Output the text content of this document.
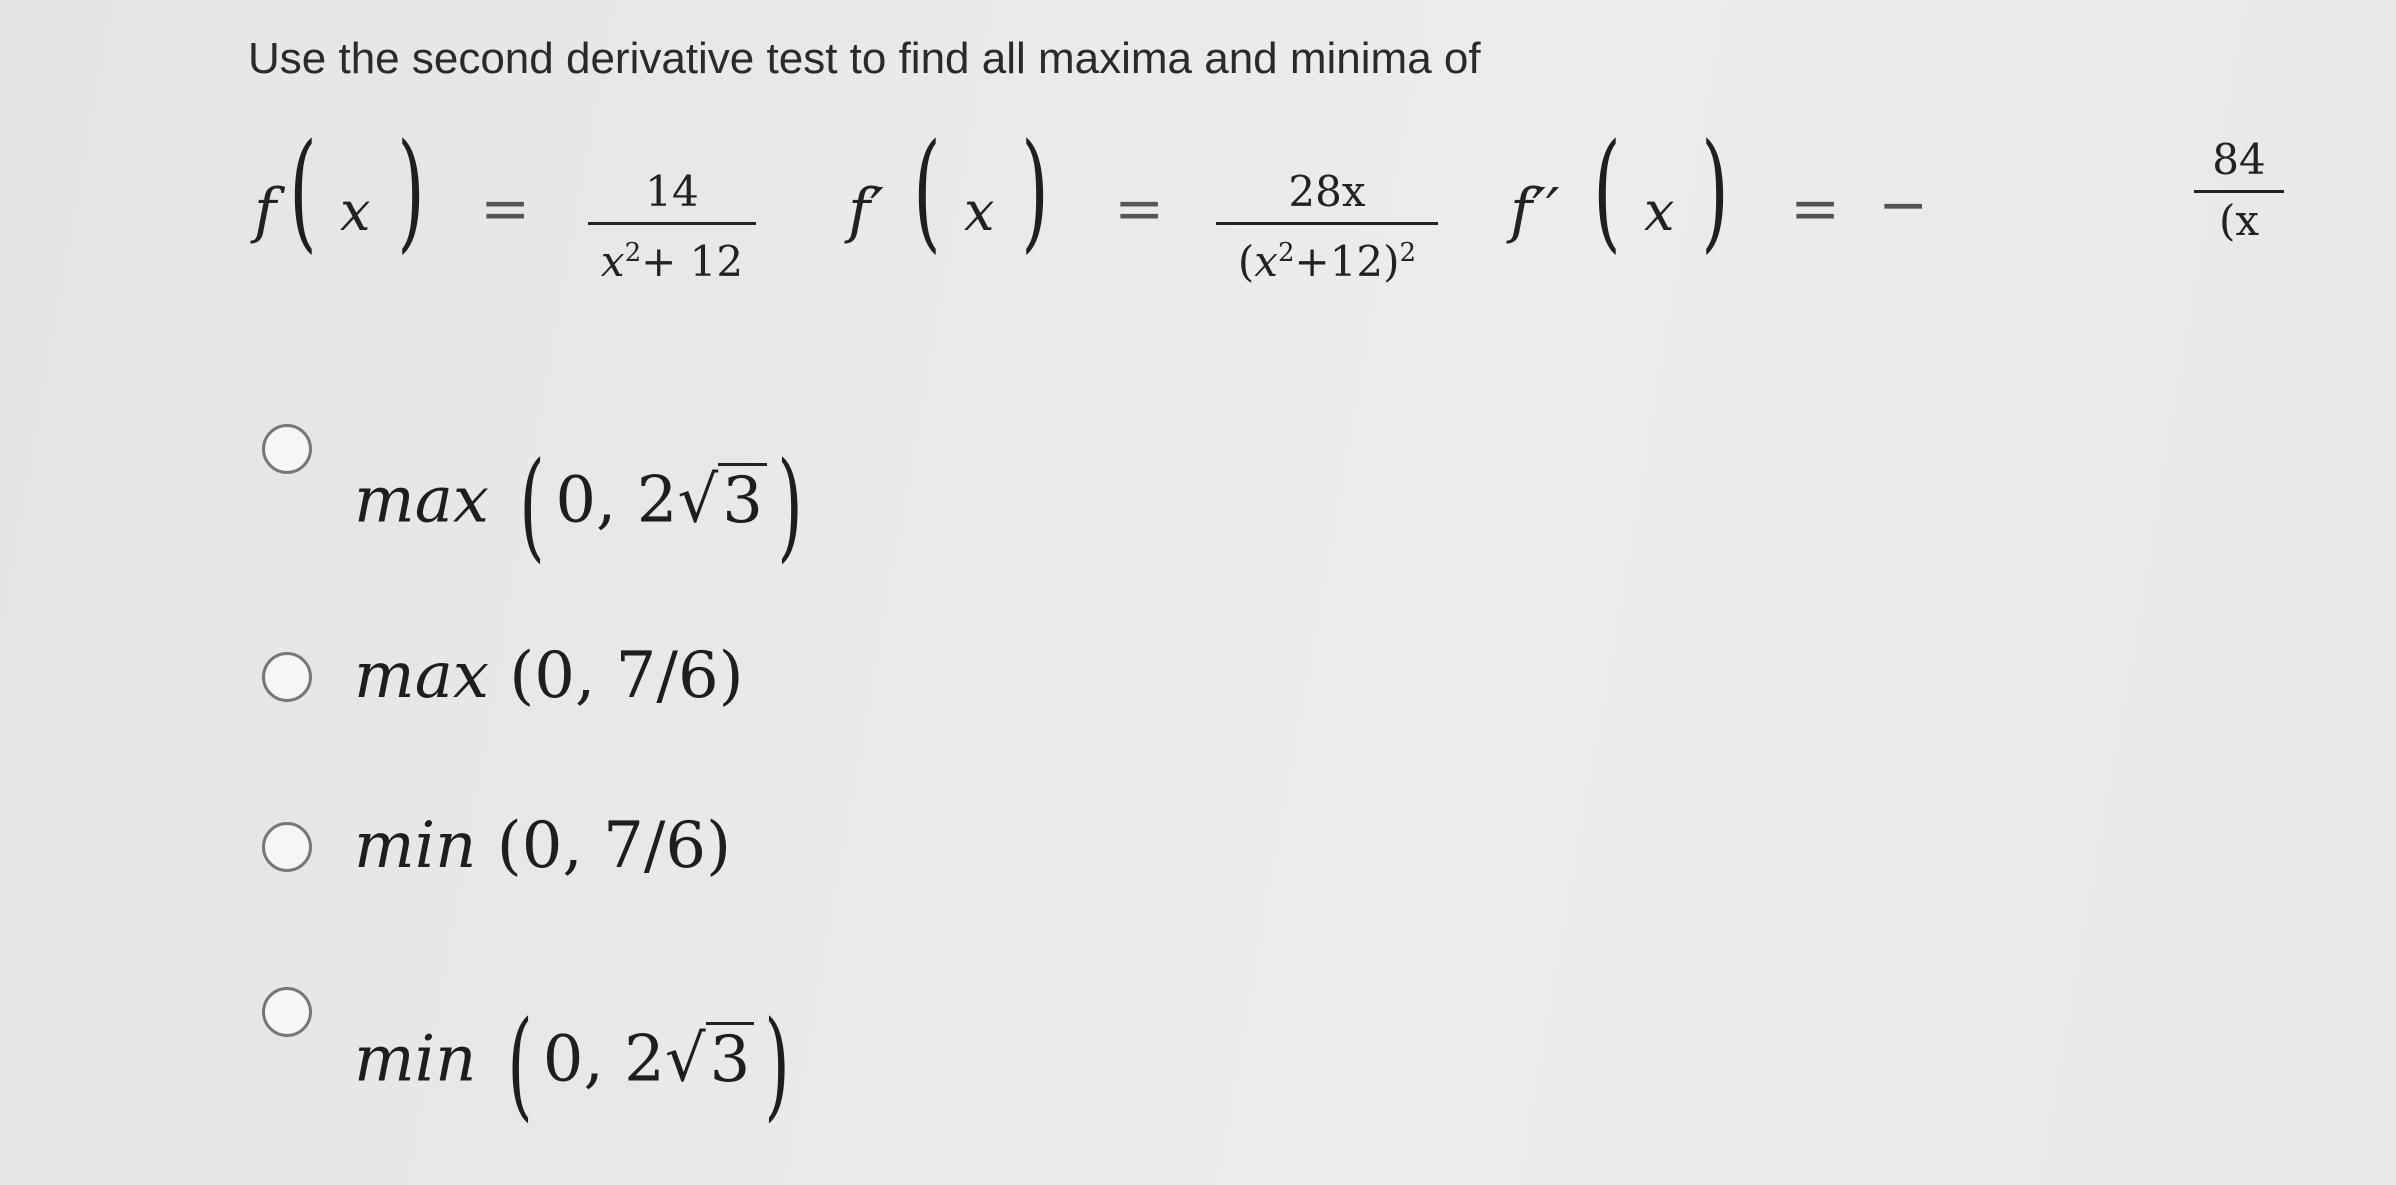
Use the second derivative test to find all maxima and minima of
f ( x ) =	14
$x^2+ 12$
f′ ( x ) =	28x
$(x^2+12)^2$
f′′ ( x ) = −
84
(x
max ( 0, 2√3 )
max (0, 7/6)
min (0, 7/6)
min ( 0, 2√3 )
